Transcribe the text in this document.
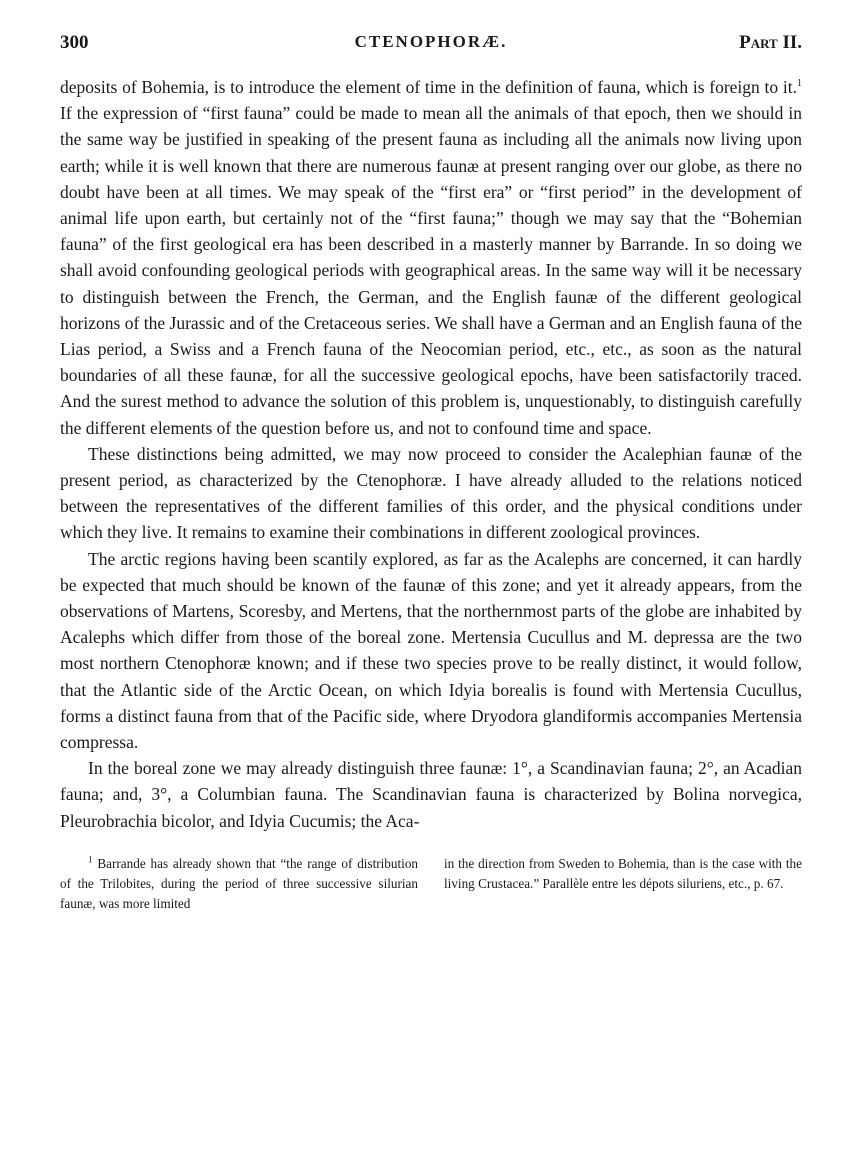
300	CTENOPHORÆ.	Part II.

deposits of Bohemia, is to introduce the element of time in the definition of fauna, which is foreign to it.$^1$ If the expression of “first fauna” could be made to mean all the animals of that epoch, then we should in the same way be justified in speaking of the present fauna as including all the animals now living upon earth; while it is well known that there are numerous faunæ at present ranging over our globe, as there no doubt have been at all times. We may speak of the “first era” or “first period” in the development of animal life upon earth, but certainly not of the “first fauna;” though we may say that the “Bohemian fauna” of the first geological era has been described in a masterly manner by Barrande. In so doing we shall avoid confounding geological periods with geographical areas. In the same way will it be necessary to distinguish between the French, the German, and the English faunæ of the different geological horizons of the Jurassic and of the Cretaceous series. We shall have a German and an English fauna of the Lias period, a Swiss and a French fauna of the Neocomian period, etc., etc., as soon as the natural boundaries of all these faunæ, for all the successive geological epochs, have been satisfactorily traced. And the surest method to advance the solution of this problem is, unquestionably, to distinguish carefully the different elements of the question before us, and not to confound time and space.

These distinctions being admitted, we may now proceed to consider the Acalephian faunæ of the present period, as characterized by the Ctenophoræ. I have already alluded to the relations noticed between the representatives of the different families of this order, and the physical conditions under which they live. It remains to examine their combinations in different zoological provinces.

The arctic regions having been scantily explored, as far as the Acalephs are concerned, it can hardly be expected that much should be known of the faunæ of this zone; and yet it already appears, from the observations of Martens, Scoresby, and Mertens, that the northernmost parts of the globe are inhabited by Acalephs which differ from those of the boreal zone. Mertensia Cucullus and M. depressa are the two most northern Ctenophoræ known; and if these two species prove to be really distinct, it would follow, that the Atlantic side of the Arctic Ocean, on which Idyia borealis is found with Mertensia Cucullus, forms a distinct fauna from that of the Pacific side, where Dryodora glandiformis accompanies Mertensia compressa.

In the boreal zone we may already distinguish three faunæ: 1°, a Scandinavian fauna; 2°, an Acadian fauna; and, 3°, a Columbian fauna. The Scandinavian fauna is characterized by Bolina norvegica, Pleurobrachia bicolor, and Idyia Cucumis; the Aca-

$^1$ Barrande has already shown that “the range of distribution of the Trilobites, during the period of three successive silurian faunæ, was more limited
in the direction from Sweden to Bohemia, than is the case with the living Crustacea.” Parallèle entre les dépots siluriens, etc., p. 67.
